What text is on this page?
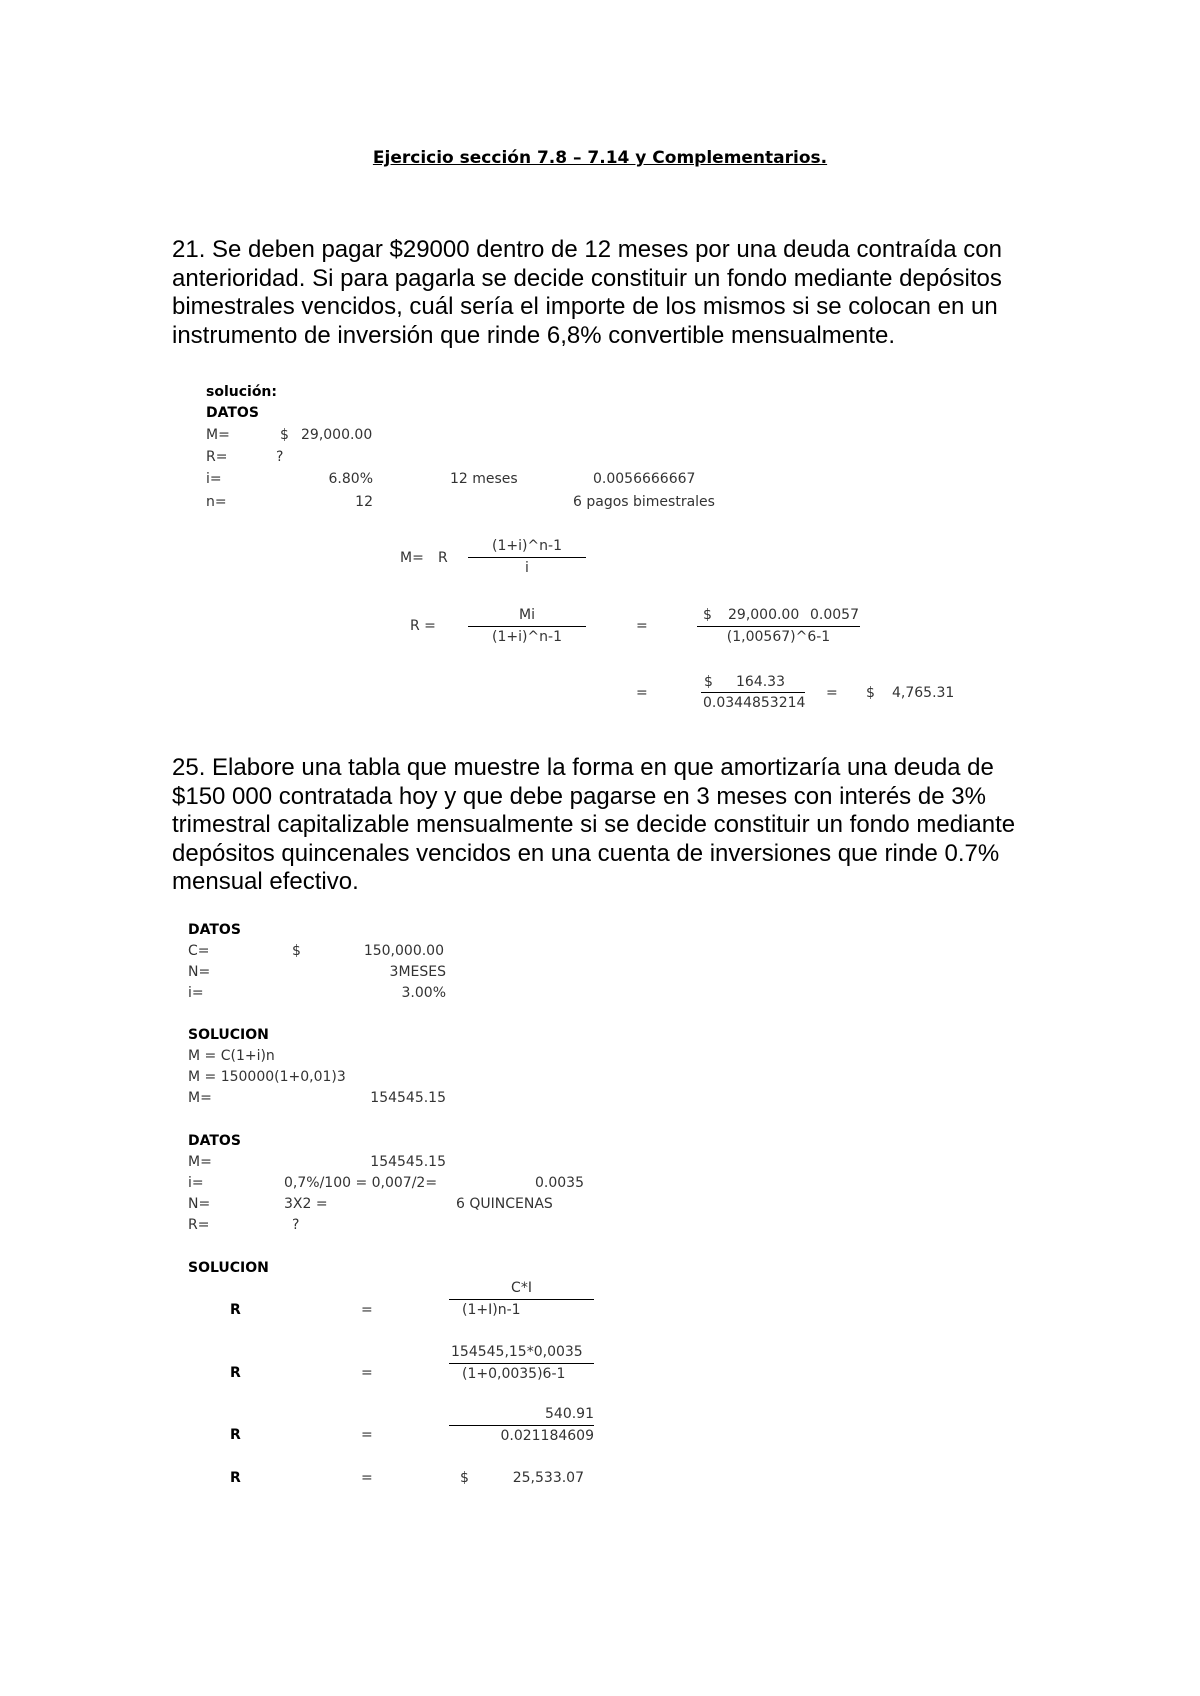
Ejercicio sección 7.8 – 7.14 y Complementarios.
21. Se deben pagar $29000 dentro de 12 meses por una deuda contraída con
anterioridad. Si para pagarla se decide constituir un fondo mediante depósitos
bimestrales vencidos, cuál sería el importe de los mismos si se colocan en un
instrumento de inversión que rinde 6,8% convertible mensualmente.
solución:
DATOS
M=	$ 29,000.00
R=	?
i=	6.80%	12 meses	0.0056666667
n=	12	6 pagos bimestrales
M= R
(1+i)^n-1
i
R =
Mi
(1+i)^n-1
=
$ 29,000.00 0.0057
(1,00567)^6-1
=
$ 164.33
0.0344853214
= $ 4,765.31
25. Elabore una tabla que muestre la forma en que amortizaría una deuda de
$150 000 contratada hoy y que debe pagarse en 3 meses con interés de 3%
trimestral capitalizable mensualmente si se decide constituir un fondo mediante
depósitos quincenales vencidos en una cuenta de inversiones que rinde 0.7%
mensual efectivo.
DATOS
C=	$	150,000.00
N=	3MESES
i=	3.00%
SOLUCION
M = C(1+i)n
M = 150000(1+0,01)3
M=	154545.15
DATOS
M=	154545.15
i=	0,7%/100 = 0,007/2=	0.0035
N=	3X2 =	6 QUINCENAS
R=	?
SOLUCION
R	=
C*I
(1+I)n-1
R	=
154545,15*0,0035
(1+0,0035)6-1
R	=
540.91
0.021184609
R	=	$	25,533.07
